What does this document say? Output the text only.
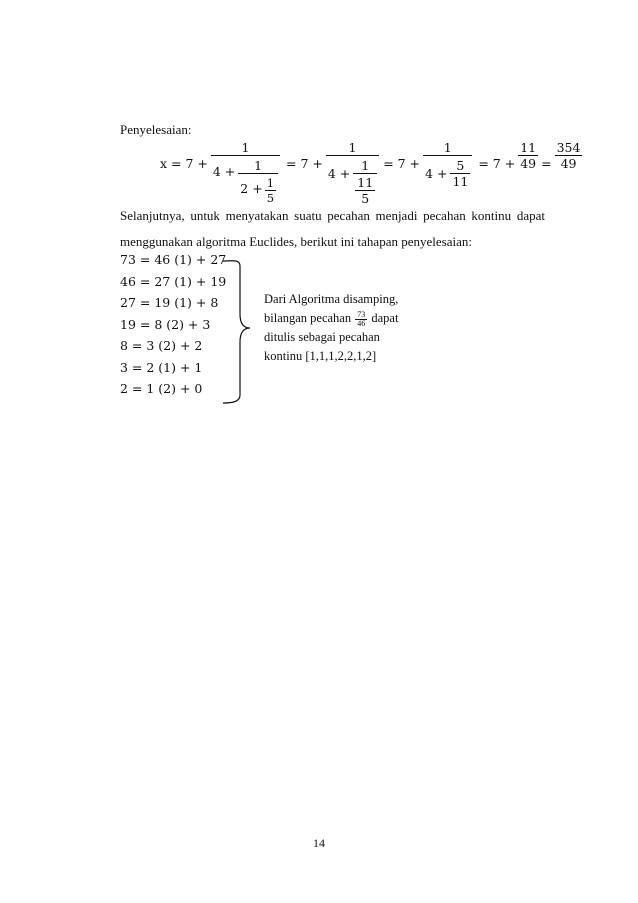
Penyelesaian:
x = 7 +
1
$4 + \frac{1}{2 + \frac{1}{5}} = 7$ +
1
$4 + \frac{1}{\frac{11}{5}} = 7 + \frac{1}{4 + \frac{5}{11}} = 7 + \frac{11}{49} = \frac{354}{49}$
Selanjutnya, untuk menyatakan suatu pecahan menjadi pecahan kontinu dapat menggunakan algoritma Euclides, berikut ini tahapan penyelesaian:
73 = 46 (1) + 27
46 = 27 (1) + 19
27 = 19 (1) + 8
19 = 8 (2) + 3
8 = 3 (2) + 2
3 = 2 (1) + 1
2 = 1 (2) + 0
Dari Algoritma disamping,
bilangan pecahan $\frac{73}{46}$ dapat
ditulis sebagai pecahan
kontinu [1,1,1,2,2,1,2]
14
